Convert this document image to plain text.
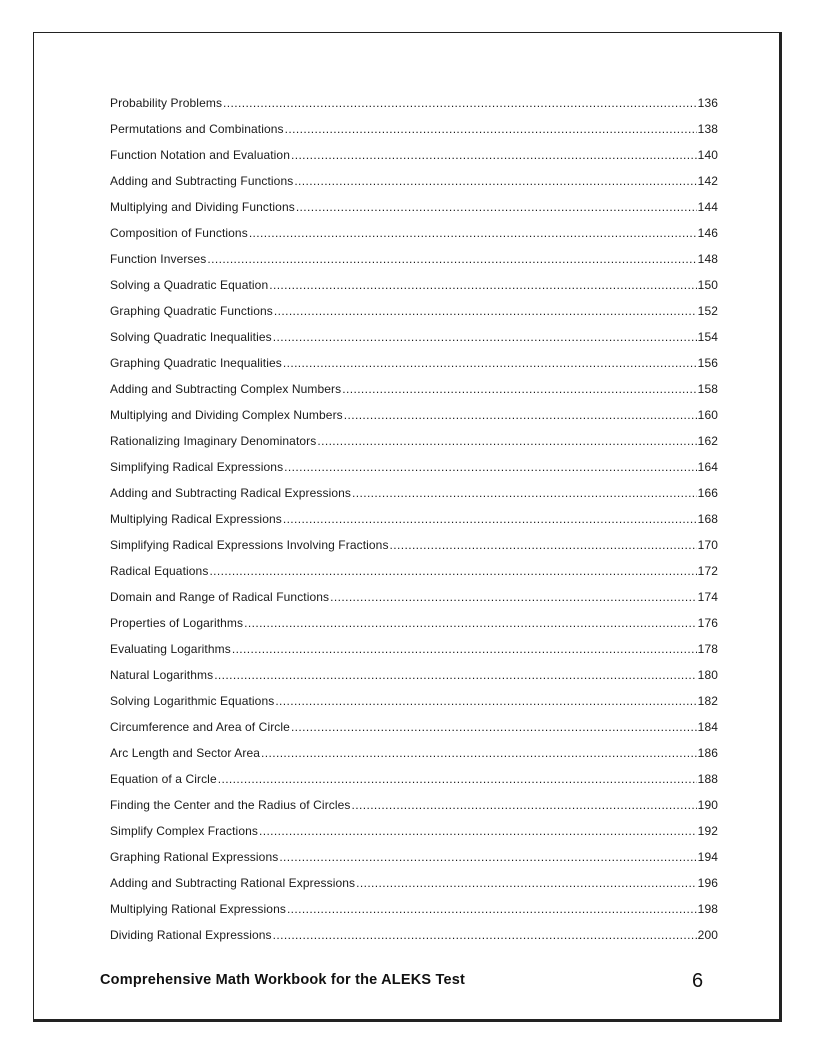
Probability Problems .....	136
Permutations and Combinations .....	138
Function Notation and Evaluation .....	140
Adding and Subtracting Functions .....	142
Multiplying and Dividing Functions .....	144
Composition of Functions .....	146
Function Inverses .....	148
Solving a Quadratic Equation .....	150
Graphing Quadratic Functions .....	152
Solving Quadratic Inequalities .....	154
Graphing Quadratic Inequalities .....	156
Adding and Subtracting Complex Numbers .....	158
Multiplying and Dividing Complex Numbers .....	160
Rationalizing Imaginary Denominators .....	162
Simplifying Radical Expressions .....	164
Adding and Subtracting Radical Expressions .....	166
Multiplying Radical Expressions .....	168
Simplifying Radical Expressions Involving Fractions .....	170
Radical Equations .....	172
Domain and Range of Radical Functions .....	174
Properties of Logarithms .....	176
Evaluating Logarithms .....	178
Natural Logarithms .....	180
Solving Logarithmic Equations .....	182
Circumference and Area of Circle .....	184
Arc Length and Sector Area .....	186
Equation of a Circle .....	188
Finding the Center and the Radius of Circles .....	190
Simplify Complex Fractions .....	192
Graphing Rational Expressions .....	194
Adding and Subtracting Rational Expressions .....	196
Multiplying Rational Expressions .....	198
Dividing Rational Expressions .....	200
Comprehensive Math Workbook for the ALEKS Test	6
